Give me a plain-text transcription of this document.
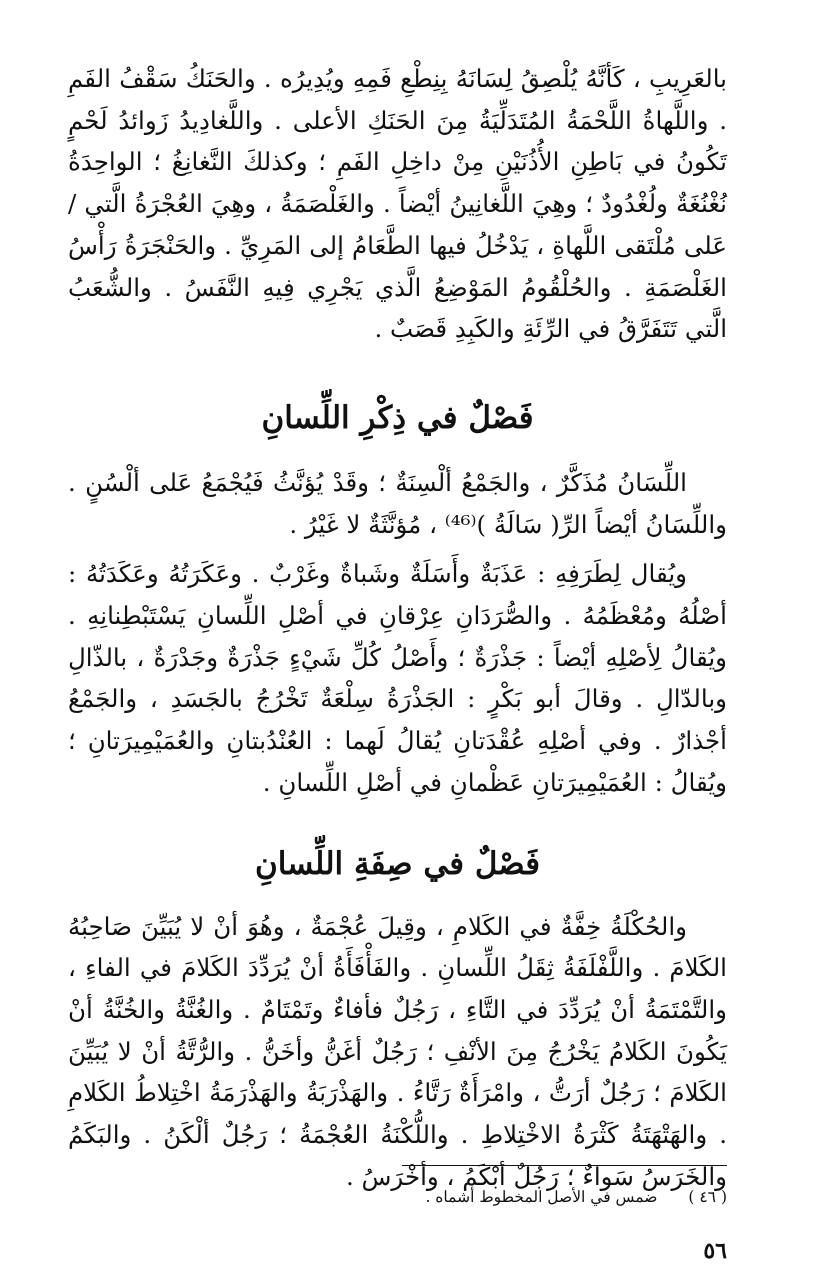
بالعَرِيبِ ، كَأنَّهُ يُلْصِقُ لِسَانَهُ بِنِطْعِ فَمِهِ ويُدِيرُه . والحَنَكُ سَقْفُ الفَمِ . واللَّهاةُ اللَّحْمَةُ المُتَدَلِّيَةُ مِنَ الحَنَكِ الأعلى . واللَّغادِيدُ زَوائدُ لَحْمٍ تَكُونُ في بَاطِنِ الأُذُنَيْنِ مِنْ داخِلِ الفَمِ ؛ وكذلكَ النَّغانِغُ ؛ الواحِدَةُ نُغْنُغَةٌ ولُغْدُودٌ ؛ وهِيَ اللَّغانِينُ أيْضاً . والغَلْصَمَةُ ، وهِيَ العُجْرَةُ الَّتي / عَلى مُلْتَقى اللَّهاةِ ، يَدْخُلُ فيها الطَّعَامُ إلى المَرِيِّ . والحَنْجَرَةُ رَأْسُ الغَلْصَمَةِ . والحُلْقُومُ المَوْضِعُ الَّذي يَجْرِي فِيهِ النَّفَسُ . والشُّعَبُ الَّتي تَتَفَرَّقُ في الرِّئَةِ والكَبِدِ قَصَبٌ .

فَصْلٌ في ذِكْرِ اللِّسانِ

اللِّسَانُ مُذَكَّرٌ ، والجَمْعُ ألْسِنَةٌ ؛ وقَدْ يُؤنَّثُ فَيُجْمَعُ عَلى ألْسُنٍ . واللِّسَانُ أيْضاً الرِّ( سَالَةُ )⁽⁴⁶⁾ ، مُؤنَّثَةٌ لا غَيْرُ .

ويُقال لِطَرَفِهِ : عَذَبَةٌ وأَسَلَةٌ وشَباةٌ وغَرْبٌ . وعَكَرَتُهُ وعَكَدَتُهُ : أصْلُهُ ومُعْظَمُهُ . والصُّرَدَانِ عِرْقانِ في أصْلِ اللِّسانِ يَسْتَبْطِنانِهِ . ويُقالُ لِأصْلِهِ أيْضاً : جَذْرَةٌ ؛ وأَصْلُ كُلِّ شَيْءٍ جَذْرَةٌ وجَدْرَةٌ ، بالذّالِ وبالدّالِ . وقالَ أبو بَكْرٍ : الجَذْرَةُ سِلْعَةٌ تَخْرُجُ بالجَسَدِ ، والجَمْعُ أجْذارٌ . وفي أصْلِهِ عُقْدَتانِ يُقالُ لَهما : العُنْدُبتانِ والعُمَيْمِيرَتانِ ؛ ويُقالُ : العُمَيْمِيرَتانِ عَظْمانِ في أصْلِ اللِّسانِ .

فَصْلٌ في صِفَةِ اللِّسانِ

والحُكْلَةُ خِفَّةٌ في الكَلامِ ، وقِيلَ عُجْمَةٌ ، وهُوَ أنْ لا يُبَيِّنَ صَاحِبُهُ الكَلامَ . واللَّفْلَفَةُ ثِقَلُ اللِّسانِ . والفَأْفَأَةُ أنْ يُرَدِّدَ الكَلامَ في الفاءِ ، والتَّمْتَمَةُ أنْ يُرَدِّدَ في التَّاءِ ، رَجُلٌ فأفاءٌ وتَمْتَامٌ . والغُنَّةُ والخُنَّةُ أنْ يَكُونَ الكَلامُ يَخْرُجُ مِنَ الأنْفِ ؛ رَجُلٌ أغَنُّ وأخَنُّ . والرُّتَّةُ أنْ لا يُبَيِّنَ الكَلامَ ؛ رَجُلٌ أرَتُّ ، وامْرَأَةٌ رَتَّاءُ . والهَذْرَبَةُ والهَذْرَمَةُ اخْتِلاطُ الكَلامِ . والهَتْهَتَةُ كَثْرَةُ الاخْتِلاطِ . واللُّكْنَةُ العُجْمَةُ ؛ رَجُلٌ ألْكَنُ . والبَكَمُ والخَرَسُ سَواءٌ ؛ رَجُلٌ أبْكَمُ ، وأخْرَسُ .

( ٤٦ ) ضمس في الأصل المخطوط أشماه .
٥٦
